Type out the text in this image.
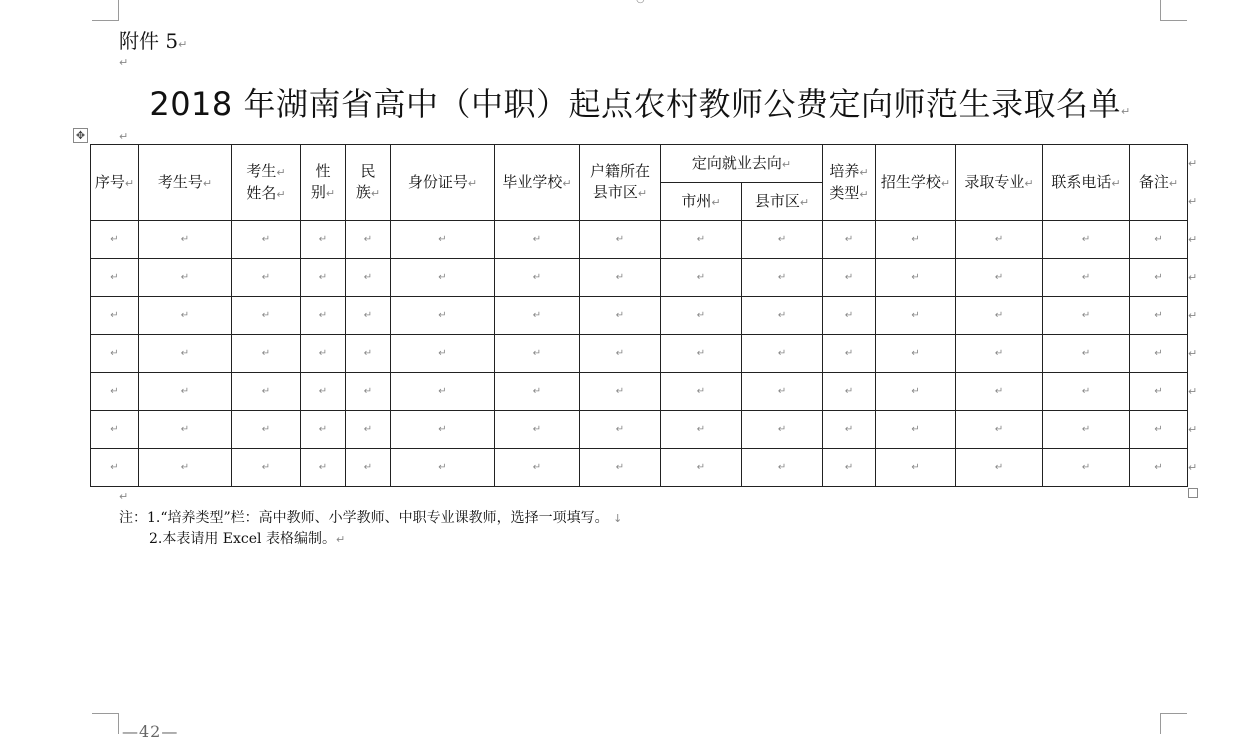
附件 5↵
↵
2018 年湖南省高中（中职）起点农村教师公费定向师范生录取名单↵
✥	↵
序号↵	考生号↵	考生↵
姓名↵	性
别↵	民
族↵	身份证号↵	毕业学校↵	户籍所在
县市区↵	定向就业去向↵		培养↵
类型↵	招生学校↵	录取专业↵	联系电话↵	备注↵
								市州↵	县市区↵					
↵	↵	↵	↵	↵	↵	↵	↵	↵	↵	↵	↵	↵	↵	↵
↵	↵	↵	↵	↵	↵	↵	↵	↵	↵	↵	↵	↵	↵	↵
↵	↵	↵	↵	↵	↵	↵	↵	↵	↵	↵	↵	↵	↵	↵
↵	↵	↵	↵	↵	↵	↵	↵	↵	↵	↵	↵	↵	↵	↵
↵	↵	↵	↵	↵	↵	↵	↵	↵	↵	↵	↵	↵	↵	↵
↵	↵	↵	↵	↵	↵	↵	↵	↵	↵	↵	↵	↵	↵	↵
↵	↵	↵	↵	↵	↵	↵	↵	↵	↵	↵	↵	↵	↵	↵
↵
↵
↵
↵
↵
↵
↵
↵
↵
↵
注：1.“培养类型”栏：高中教师、小学教师、中职专业课教师，选择一项填写。 ↓
2.本表请用 Excel 表格编制。↵
—42—
